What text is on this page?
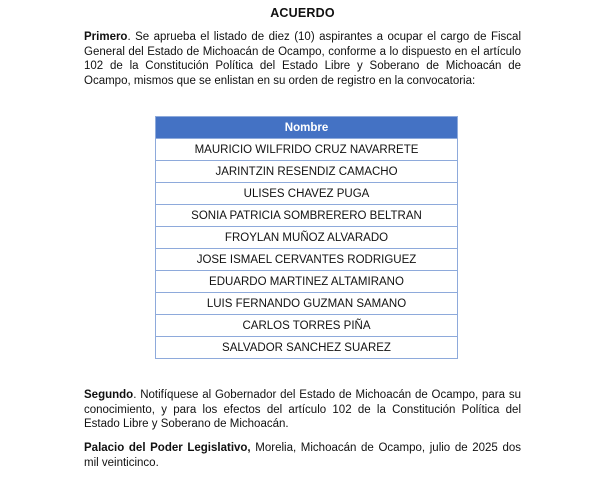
ACUERDO

Primero. Se aprueba el listado de diez (10) aspirantes a ocupar el cargo de Fiscal General del Estado de Michoacán de Ocampo, conforme a lo dispuesto en el artículo 102 de la Constitución Política del Estado Libre y Soberano de Michoacán de Ocampo, mismos que se enlistan en su orden de registro en la convocatoria:

Nombre
MAURICIO WILFRIDO CRUZ NAVARRETE
JARINTZIN RESENDIZ CAMACHO
ULISES CHAVEZ PUGA
SONIA PATRICIA SOMBRERERO BELTRAN
FROYLAN MUÑOZ ALVARADO
JOSE ISMAEL CERVANTES RODRIGUEZ
EDUARDO MARTINEZ ALTAMIRANO
LUIS FERNANDO GUZMAN SAMANO
CARLOS TORRES PIÑA
SALVADOR SANCHEZ SUAREZ

Segundo. Notifíquese al Gobernador del Estado de Michoacán de Ocampo, para su conocimiento, y para los efectos del artículo 102 de la Constitución Política del Estado Libre y Soberano de Michoacán.

Palacio del Poder Legislativo, Morelia, Michoacán de Ocampo, julio de 2025 dos mil veinticinco.
